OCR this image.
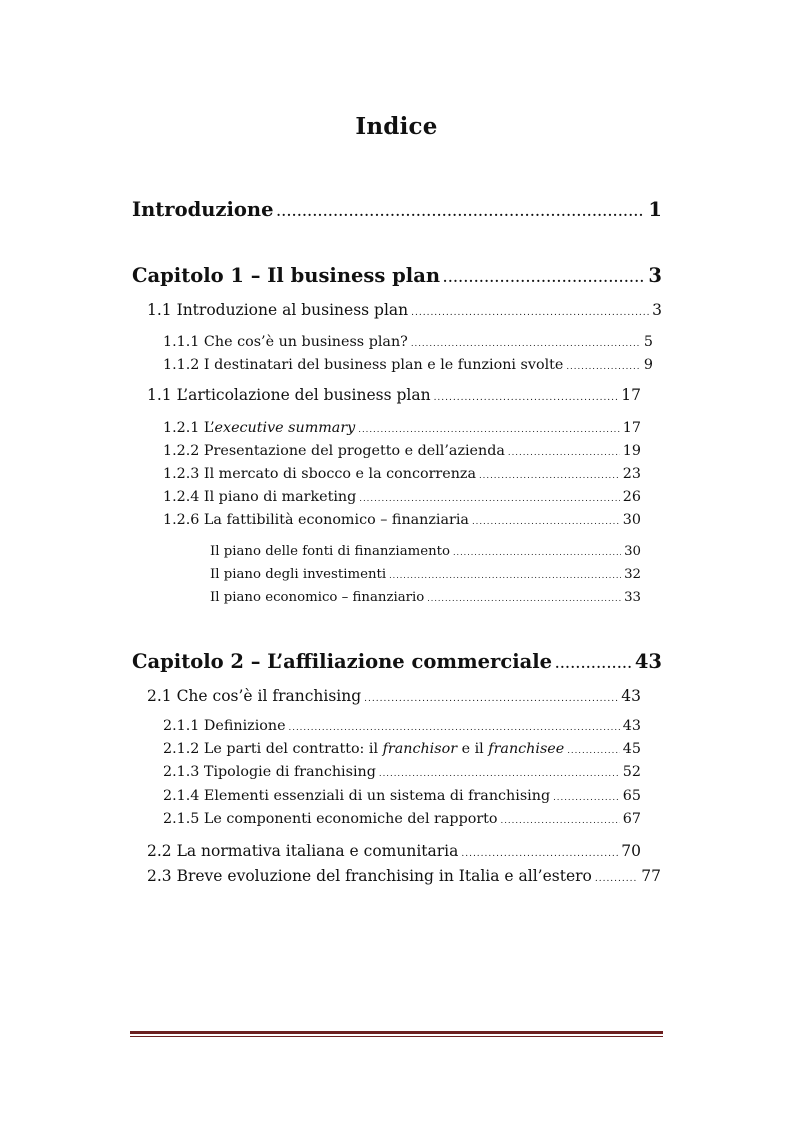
Indice
Introduzione .....	1
Capitolo 1 – Il business plan .....	3
1.1 Introduzione al business plan .....	3
1.1.1 Che cos’è un business plan? .....	5
1.1.2 I destinatari del business plan e le funzioni svolte .....	9
1.1 L’articolazione del business plan .....	17
1.2.1 L’executive summary .....	17
1.2.2 Presentazione del progetto e dell’azienda .....	19
1.2.3 Il mercato di sbocco e la concorrenza .....	23
1.2.4 Il piano di marketing .....	26
1.2.6 La fattibilità economico – finanziaria .....	30
Il piano delle fonti di finanziamento .....	30
Il piano degli investimenti .....	32
Il piano economico – finanziario .....	33
Capitolo 2 – L’affiliazione commerciale .....	43
2.1 Che cos’è il franchising .....	43
2.1.1 Definizione .....	43
2.1.2 Le parti del contratto: il franchisor e il franchisee .....	45
2.1.3 Tipologie di franchising .....	52
2.1.4 Elementi essenziali di un sistema di franchising .....	65
2.1.5 Le componenti economiche del rapporto .....	67
2.2 La normativa italiana e comunitaria .....	70
2.3 Breve evoluzione del franchising in Italia e all’estero .....	77
